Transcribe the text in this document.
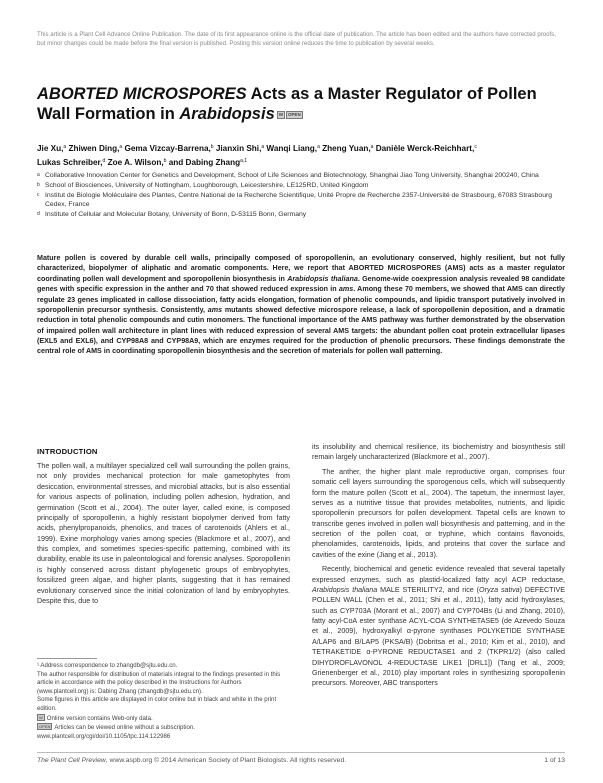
This article is a Plant Cell Advance Online Publication. The date of its first appearance online is the official date of publication. The article has been edited and the authors have corrected proofs, but minor changes could be made before the final version is published. Posting this version online reduces the time to publication by several weeks.
ABORTED MICROSPORES Acts as a Master Regulator of Pollen Wall Formation in Arabidopsis W	OPEN
Jie Xu,$^a$ Zhiwen Ding,$^a$ Gema Vizcay-Barrena,$^b$ Jianxin Shi,$^a$ Wanqi Liang,$^a$ Zheng Yuan,$^a$ Danièle Werck-Reichhart,$^c$
Lukas Schreiber,$^d$ Zoe A. Wilson,$^b$ and Dabing Zhang$^{a,1}$
a Collaborative Innovation Center for Genetics and Development, School of Life Sciences and Biotechnology, Shanghai Jiao Tong University, Shanghai 200240, China
b School of Biosciences, University of Nottingham, Loughborough, Leicestershire, LE125RD, United Kingdom
c Institut de Biologie Moléculaire des Plantes, Centre National de la Recherche Scientifique, Unité Propre de Recherche 2357-Université de Strasbourg, 67083 Strasbourg Cedex, France
d Institute of Cellular and Molecular Botany, University of Bonn, D-53115 Bonn, Germany
Mature pollen is covered by durable cell walls, principally composed of sporopollenin, an evolutionary conserved, highly resilient, but not fully characterized, biopolymer of aliphatic and aromatic components. Here, we report that ABORTED MICROSPORES (AMS) acts as a master regulator coordinating pollen wall development and sporopollenin biosynthesis in Arabidopsis thaliana. Genome-wide coexpression analysis revealed 98 candidate genes with specific expression in the anther and 70 that showed reduced expression in ams. Among these 70 members, we showed that AMS can directly regulate 23 genes implicated in callose dissociation, fatty acids elongation, formation of phenolic compounds, and lipidic transport putatively involved in sporopollenin precursor synthesis. Consistently, ams mutants showed defective microspore release, a lack of sporopollenin deposition, and a dramatic reduction in total phenolic compounds and cutin monomers. The functional importance of the AMS pathway was further demonstrated by the observation of impaired pollen wall architecture in plant lines with reduced expression of several AMS targets: the abundant pollen coat protein extracellular lipases (EXL5 and EXL6), and CYP98A8 and CYP98A9, which are enzymes required for the production of phenolic precursors. These findings demonstrate the central role of AMS in coordinating sporopollenin biosynthesis and the secretion of materials for pollen wall patterning.
INTRODUCTION

The pollen wall, a multilayer specialized cell wall surrounding the pollen grains, not only provides mechanical protection for male gametophytes from desiccation, environmental stresses, and microbial attacks, but is also essential for various aspects of pollination, including pollen adhesion, hydration, and germination (Scott et al., 2004). The outer layer, called exine, is composed principally of sporopollenin, a highly resistant biopolymer derived from fatty acids, phenylpropanoids, phenolics, and traces of carotenoids (Ahlers et al., 1999). Exine morphology varies among species (Blackmore et al., 2007), and this complex, and sometimes species-specific patterning, combined with its durability, enable its use in paleontological and forensic analyses. Sporopollenin is highly conserved across distant phylogenetic groups of embryophytes, fossilized green algae, and higher plants, suggesting that it has remained evolutionary conserved since the initial colonization of land by embryophytes. Despite this, due to

¹ Address correspondence to zhangdb@sjtu.edu.cn.
The author responsible for distribution of materials integral to the findings presented in this article in accordance with the policy described in the Instructions for Authors (www.plantcell.org) is: Dabing Zhang (zhangdb@sjtu.edu.cn).
Some figures in this article are displayed in color online but in black and white in the print edition.
W Online version contains Web-only data.
OPEN Articles can be viewed online without a subscription.
www.plantcell.org/cgi/doi/10.1105/tpc.114.122986

its insolubility and chemical resilience, its biochemistry and biosynthesis still remain largely uncharacterized (Blackmore et al., 2007).

The anther, the higher plant male reproductive organ, comprises four somatic cell layers surrounding the sporogenous cells, which will subsequently form the mature pollen (Scott et al., 2004). The tapetum, the innermost layer, serves as a nutritive tissue that provides metabolites, nutrients, and lipidic sporopollenin precursors for pollen development. Tapetal cells are known to transcribe genes involved in pollen wall biosynthesis and patterning, and in the secretion of the pollen coat, or tryphine, which contains flavonoids, phenolamides, carotenoids, lipids, and proteins that cover the surface and cavities of the exine (Jiang et al., 2013).

Recently, biochemical and genetic evidence revealed that several tapetally expressed enzymes, such as plastid-localized fatty acyl ACP reductase, Arabidopsis thaliana MALE STERILITY2, and rice (Oryza sativa) DEFECTIVE POLLEN WALL (Chen et al., 2011; Shi et al., 2011), fatty acid hydroxylases, such as CYP703A (Morant et al., 2007) and CYP704Bs (Li and Zhang, 2010), fatty acyl-CoA ester synthase ACYL-COA SYNTHETASE5 (de Azevedo Souza et al., 2009), hydroxyalkyl α-pyrone synthases POLYKETIDE SYNTHASE A/LAP6 and B/LAP5 (PKSA/B) (Dobritsa et al., 2010; Kim et al., 2010), and TETRAKETIDE α-PYRONE REDUCTASE1 and 2 (TKPR1/2) (also called DIHYDROFLAVONOL 4-REDUCTASE LIKE1 [DRL1]) (Tang et al., 2009; Grienenberger et al., 2010) play important roles in synthesizing sporopollenin precursors. Moreover, ABC transporters

The Plant Cell Preview, www.aspb.org © 2014 American Society of Plant Biologists. All rights reserved.	1 of 13
